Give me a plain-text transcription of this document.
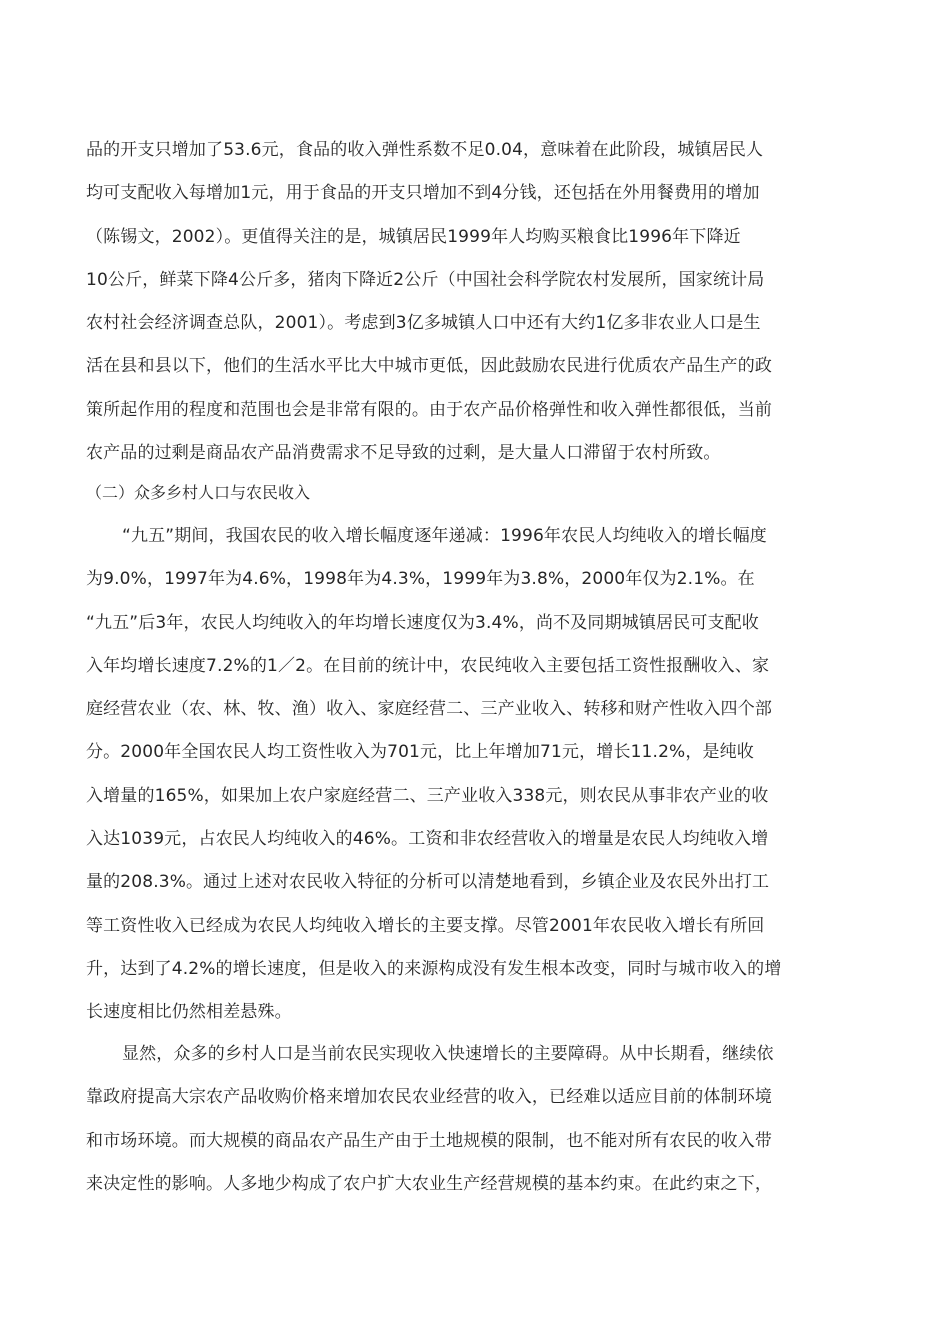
品的开支只增加了53.6元，食品的收入弹性系数不足0.04，意味着在此阶段，城镇居民人
均可支配收入每增加1元，用于食品的开支只增加不到4分钱，还包括在外用餐费用的增加
（陈锡文，2002）。更值得关注的是，城镇居民1999年人均购买粮食比1996年下降近
10公斤，鲜菜下降4公斤多，猪肉下降近2公斤（中国社会科学院农村发展所，国家统计局
农村社会经济调查总队，2001）。考虑到3亿多城镇人口中还有大约1亿多非农业人口是生
活在县和县以下，他们的生活水平比大中城市更低，因此鼓励农民进行优质农产品生产的政
策所起作用的程度和范围也会是非常有限的。由于农产品价格弹性和收入弹性都很低，当前
农产品的过剩是商品农产品消费需求不足导致的过剩，是大量人口滞留于农村所致。
（二）众多乡村人口与农民收入
“九五”期间，我国农民的收入增长幅度逐年递减：1996年农民人均纯收入的增长幅度
为9.0%，1997年为4.6%，1998年为4.3%，1999年为3.8%，2000年仅为2.1%。在
“九五”后3年，农民人均纯收入的年均增长速度仅为3.4%，尚不及同期城镇居民可支配收
入年均增长速度7.2%的1／2。在目前的统计中，农民纯收入主要包括工资性报酬收入、家
庭经营农业（农、林、牧、渔）收入、家庭经营二、三产业收入、转移和财产性收入四个部
分。2000年全国农民人均工资性收入为701元，比上年增加71元，增长11.2%，是纯收
入增量的165%，如果加上农户家庭经营二、三产业收入338元，则农民从事非农产业的收
入达1039元，占农民人均纯收入的46%。工资和非农经营收入的增量是农民人均纯收入增
量的208.3%。通过上述对农民收入特征的分析可以清楚地看到，乡镇企业及农民外出打工
等工资性收入已经成为农民人均纯收入增长的主要支撑。尽管2001年农民收入增长有所回
升，达到了4.2%的增长速度，但是收入的来源构成没有发生根本改变，同时与城市收入的增
长速度相比仍然相差悬殊。
显然，众多的乡村人口是当前农民实现收入快速增长的主要障碍。从中长期看，继续依
靠政府提高大宗农产品收购价格来增加农民农业经营的收入，已经难以适应目前的体制环境
和市场环境。而大规模的商品农产品生产由于土地规模的限制，也不能对所有农民的收入带
来决定性的影响。人多地少构成了农户扩大农业生产经营规模的基本约束。在此约束之下，
